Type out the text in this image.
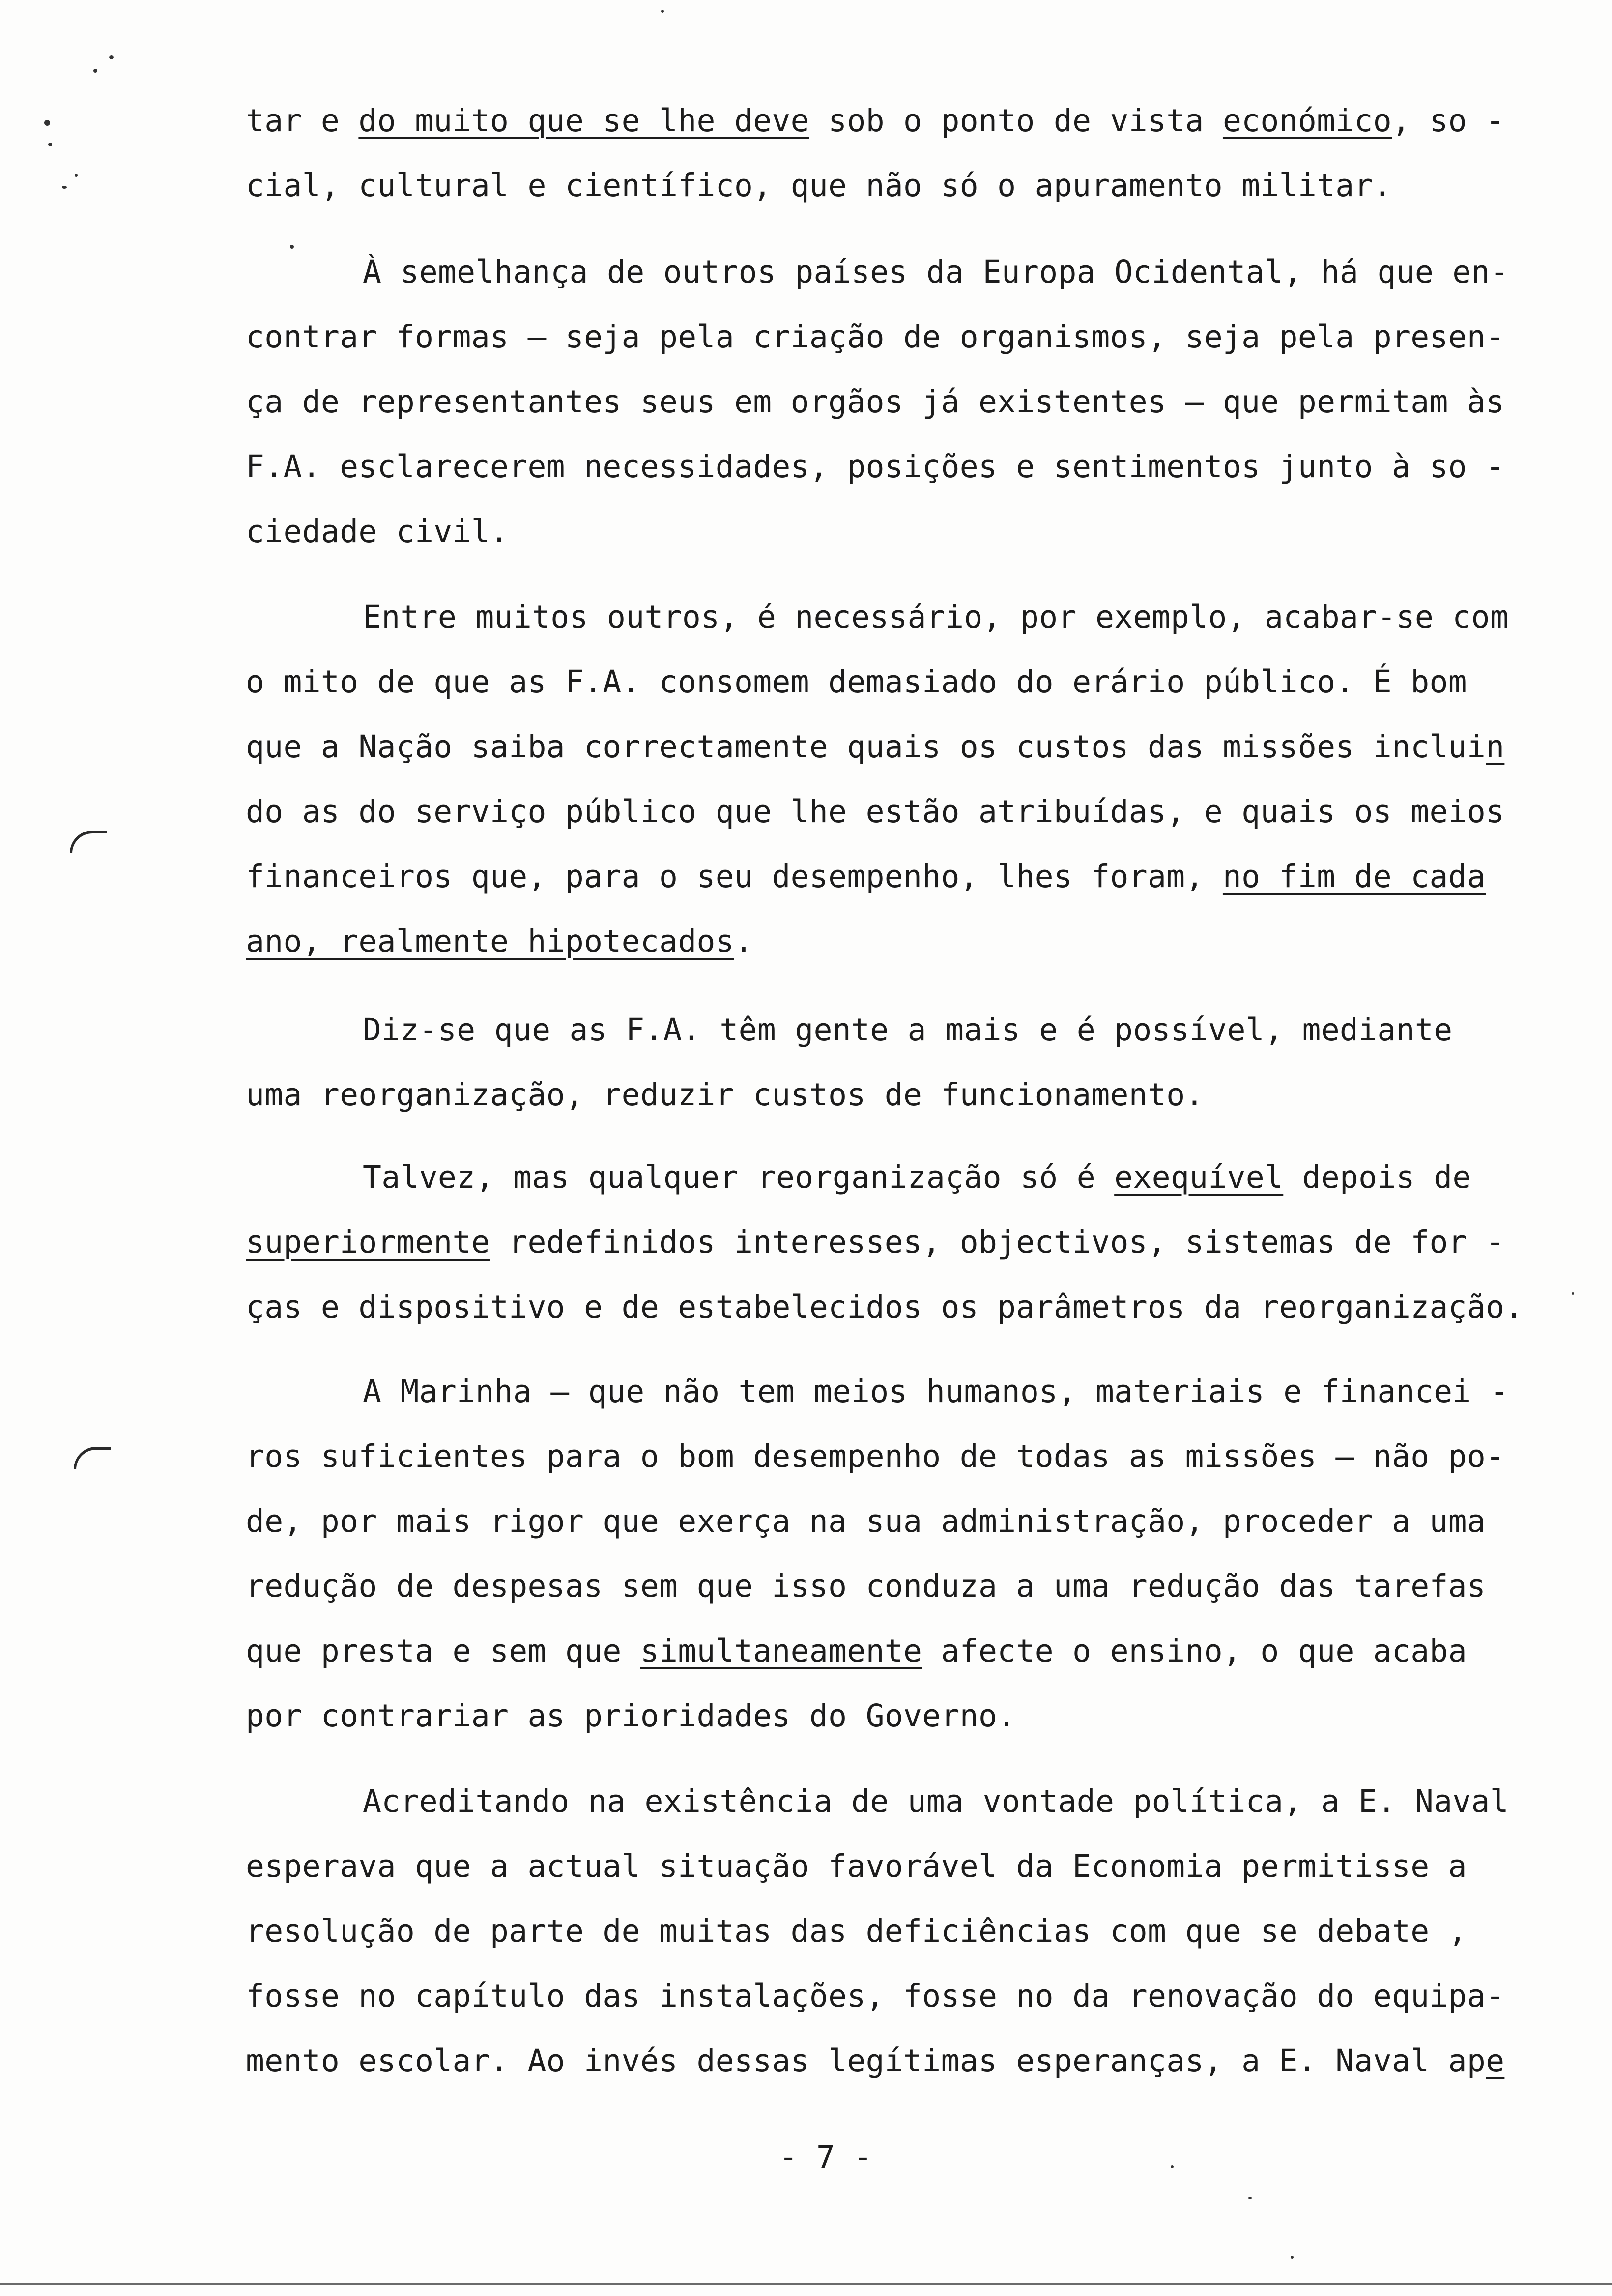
tar e do muito que se lhe deve sob o ponto de vista económico, so -
cial, cultural e científico, que não só o apuramento militar.
À semelhança de outros países da Europa Ocidental, há que en-
contrar formas — seja pela criação de organismos, seja pela presen-
ça de representantes seus em orgãos já existentes — que permitam às
F.A. esclarecerem necessidades, posições e sentimentos junto à so -
ciedade civil.
Entre muitos outros, é necessário, por exemplo, acabar-se com
o mito de que as F.A. consomem demasiado do erário público. É bom
que a Nação saiba correctamente quais os custos das missões incluin
do as do serviço público que lhe estão atribuídas, e quais os meios
financeiros que, para o seu desempenho, lhes foram, no fim de cada
ano, realmente hipotecados.
Diz-se que as F.A. têm gente a mais e é possível, mediante
uma reorganização, reduzir custos de funcionamento.
Talvez, mas qualquer reorganização só é exequível depois de
superiormente redefinidos interesses, objectivos, sistemas de for -
ças e dispositivo e de estabelecidos os parâmetros da reorganização.
A Marinha — que não tem meios humanos, materiais e financei -
ros suficientes para o bom desempenho de todas as missões — não po-
de, por mais rigor que exerça na sua administração, proceder a uma
redução de despesas sem que isso conduza a uma redução das tarefas
que presta e sem que simultaneamente afecte o ensino, o que acaba
por contrariar as prioridades do Governo.
Acreditando na existência de uma vontade política, a E. Naval
esperava que a actual situação favorável da Economia permitisse a
resolução de parte de muitas das deficiências com que se debate ,
fosse no capítulo das instalações, fosse no da renovação do equipa-
mento escolar. Ao invés dessas legítimas esperanças, a E. Naval ape

- 7 -
